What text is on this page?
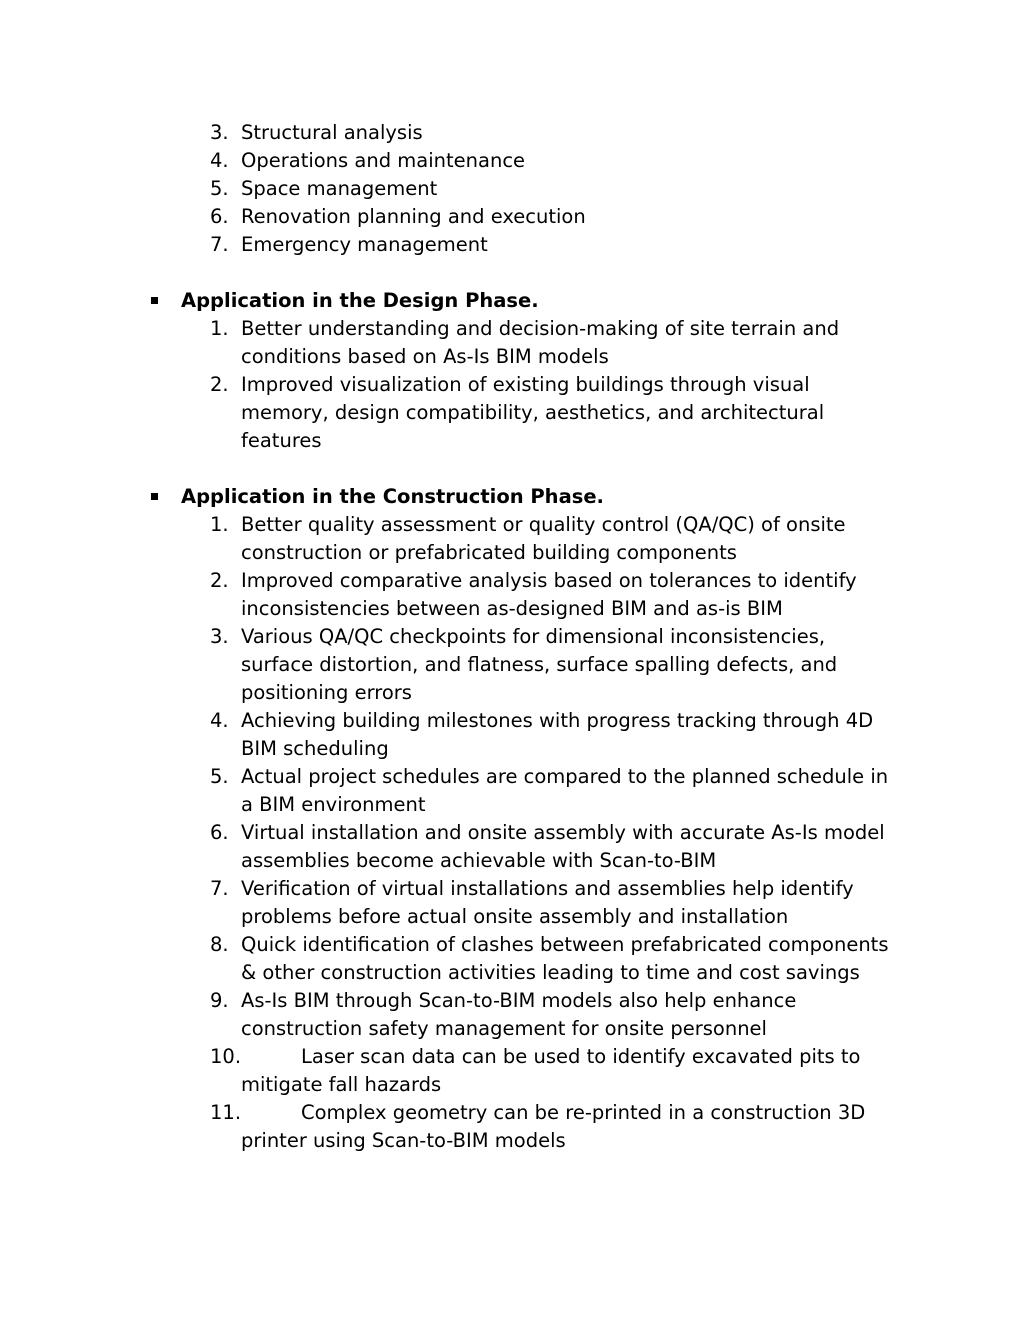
3. Structural analysis
4. Operations and maintenance
5. Space management
6. Renovation planning and execution
7. Emergency management
Application in the Design Phase.
1. Better understanding and decision-making of site terrain and conditions based on As-Is BIM models
2. Improved visualization of existing buildings through visual memory, design compatibility, aesthetics, and architectural features
Application in the Construction Phase.
1. Better quality assessment or quality control (QA/QC) of onsite construction or prefabricated building components
2. Improved comparative analysis based on tolerances to identify inconsistencies between as-designed BIM and as-is BIM
3. Various QA/QC checkpoints for dimensional inconsistencies, surface distortion, and flatness, surface spalling defects, and positioning errors
4. Achieving building milestones with progress tracking through 4D BIM scheduling
5. Actual project schedules are compared to the planned schedule in a BIM environment
6. Virtual installation and onsite assembly with accurate As-Is model assemblies become achievable with Scan-to-BIM
7. Verification of virtual installations and assemblies help identify problems before actual onsite assembly and installation
8. Quick identification of clashes between prefabricated components & other construction activities leading to time and cost savings
9. As-Is BIM through Scan-to-BIM models also help enhance construction safety management for onsite personnel
10.	Laser scan data can be used to identify excavated pits to mitigate fall hazards
11.	Complex geometry can be re-printed in a construction 3D printer using Scan-to-BIM models
